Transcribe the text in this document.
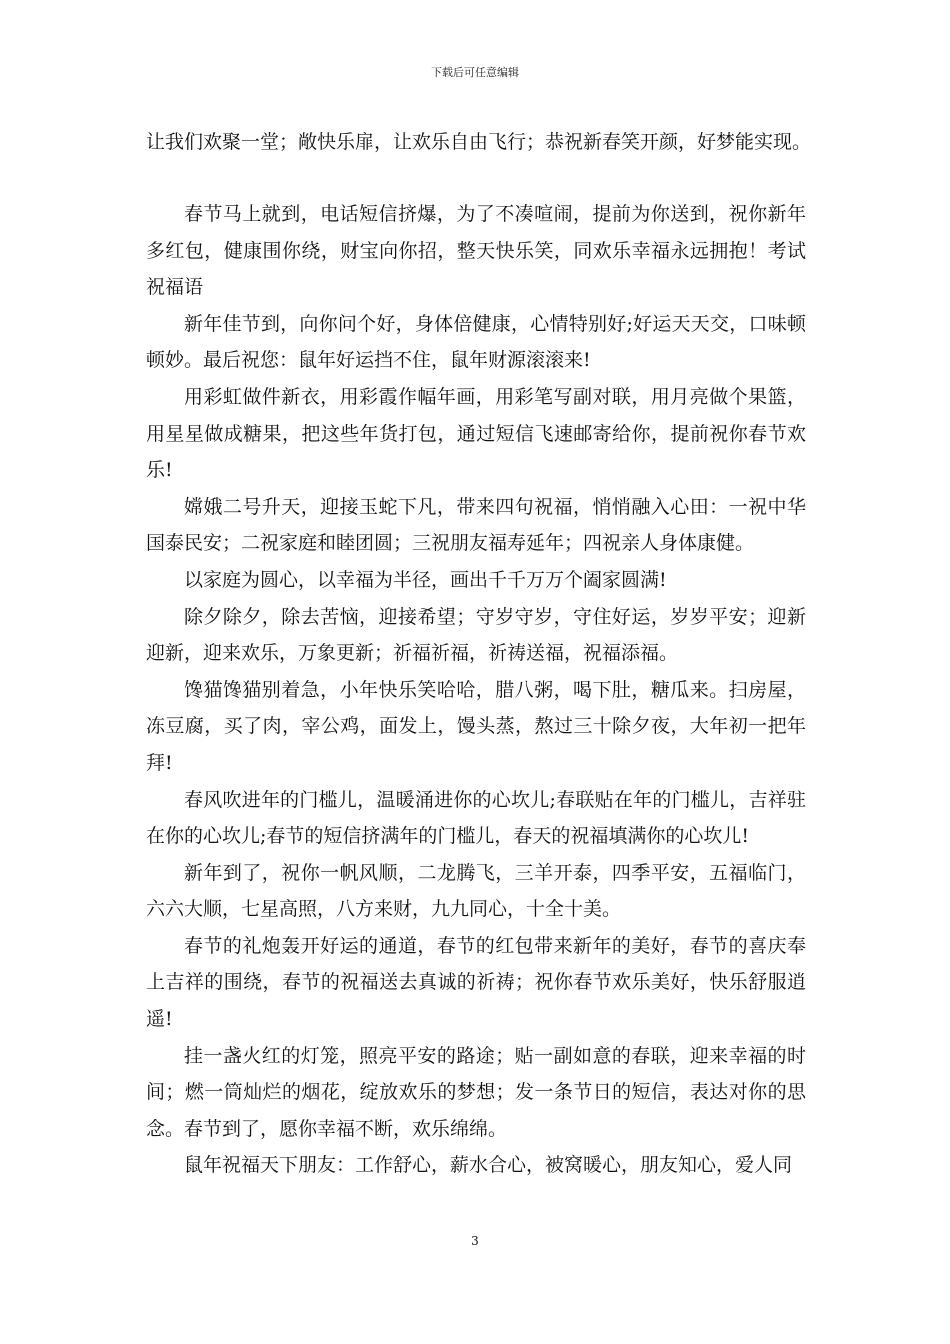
下载后可任意编辑
让我们欢聚一堂；敞快乐扉，让欢乐自由飞行；恭祝新春笑开颜，好梦能实现。

春节马上就到，电话短信挤爆，为了不凑喧闹，提前为你送到，祝你新年多红包，健康围你绕，财宝向你招，整天快乐笑，同欢乐幸福永远拥抱！考试祝福语

新年佳节到，向你问个好，身体倍健康，心情特别好;好运天天交，口味顿顿妙。最后祝您：鼠年好运挡不住，鼠年财源滚滚来!

用彩虹做件新衣，用彩霞作幅年画，用彩笔写副对联，用月亮做个果篮，用星星做成糖果，把这些年货打包，通过短信飞速邮寄给你，提前祝你春节欢乐!

嫦娥二号升天，迎接玉蛇下凡，带来四句祝福，悄悄融入心田：一祝中华国泰民安；二祝家庭和睦团圆；三祝朋友福寿延年；四祝亲人身体康健。

以家庭为圆心，以幸福为半径，画出千千万万个阖家圆满!

除夕除夕，除去苦恼，迎接希望；守岁守岁，守住好运，岁岁平安；迎新迎新，迎来欢乐，万象更新；祈福祈福，祈祷送福，祝福添福。

馋猫馋猫别着急，小年快乐笑哈哈，腊八粥，喝下肚，糖瓜来。扫房屋，冻豆腐，买了肉，宰公鸡，面发上，馒头蒸，熬过三十除夕夜，大年初一把年拜!

春风吹进年的门槛儿，温暖涌进你的心坎儿;春联贴在年的门槛儿，吉祥驻在你的心坎儿;春节的短信挤满年的门槛儿，春天的祝福填满你的心坎儿!

新年到了，祝你一帆风顺，二龙腾飞，三羊开泰，四季平安，五福临门，六六大顺，七星高照，八方来财，九九同心，十全十美。

春节的礼炮轰开好运的通道，春节的红包带来新年的美好，春节的喜庆奉上吉祥的围绕，春节的祝福送去真诚的祈祷；祝你春节欢乐美好，快乐舒服逍遥!

挂一盏火红的灯笼，照亮平安的路途；贴一副如意的春联，迎来幸福的时间；燃一筒灿烂的烟花，绽放欢乐的梦想；发一条节日的短信，表达对你的思念。春节到了，愿你幸福不断，欢乐绵绵。

鼠年祝福天下朋友：工作舒心，薪水合心，被窝暖心，朋友知心，爱人同

3
